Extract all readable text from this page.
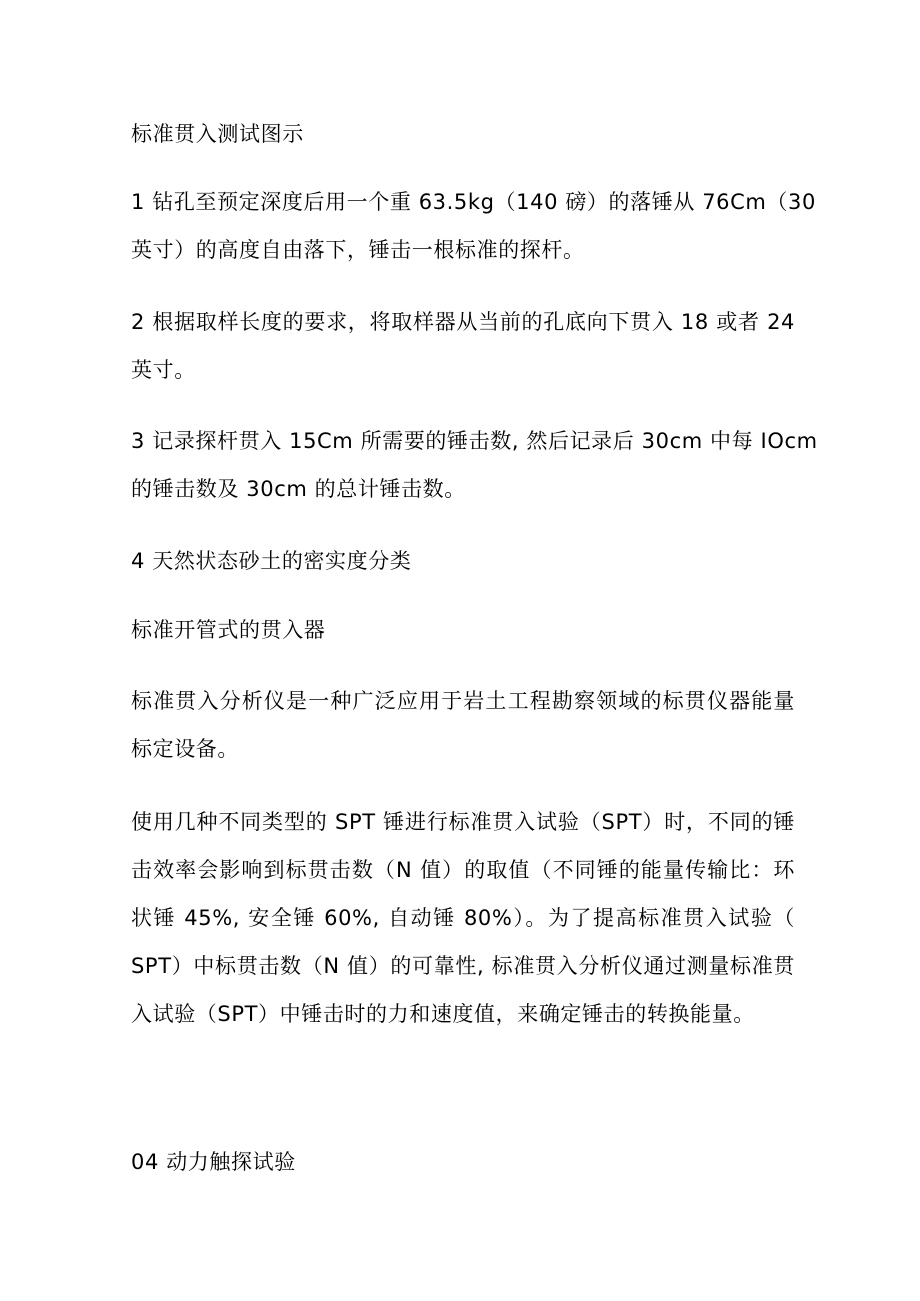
标准贯入测试图示

1 钻孔至预定深度后用一个重 63.5kg（140 磅）的落锤从 76Cm（30
英寸）的高度自由落下，锤击一根标准的探杆。
2 根据取样长度的要求，将取样器从当前的孔底向下贯入 18 或者 24
英寸。
3 记录探杆贯入 15Cm 所需要的锤击数, 然后记录后 30cm 中每 IOcm
的锤击数及 30cm 的总计锤击数。

4 天然状态砂土的密实度分类

标准开管式的贯入器

标准贯入分析仪是一种广泛应用于岩土工程勘察领域的标贯仪器能量
标定设备。
使用几种不同类型的 SPT 锤进行标准贯入试验（SPT）时，不同的锤
击效率会影响到标贯击数（N 值）的取值（不同锤的能量传输比：环
状锤 45%, 安全锤 60%, 自动锤 80%）。为了提高标准贯入试验（
SPT）中标贯击数（N 值）的可靠性, 标准贯入分析仪通过测量标准贯
入试验（SPT）中锤击时的力和速度值，来确定锤击的转换能量。

04 动力触探试验
